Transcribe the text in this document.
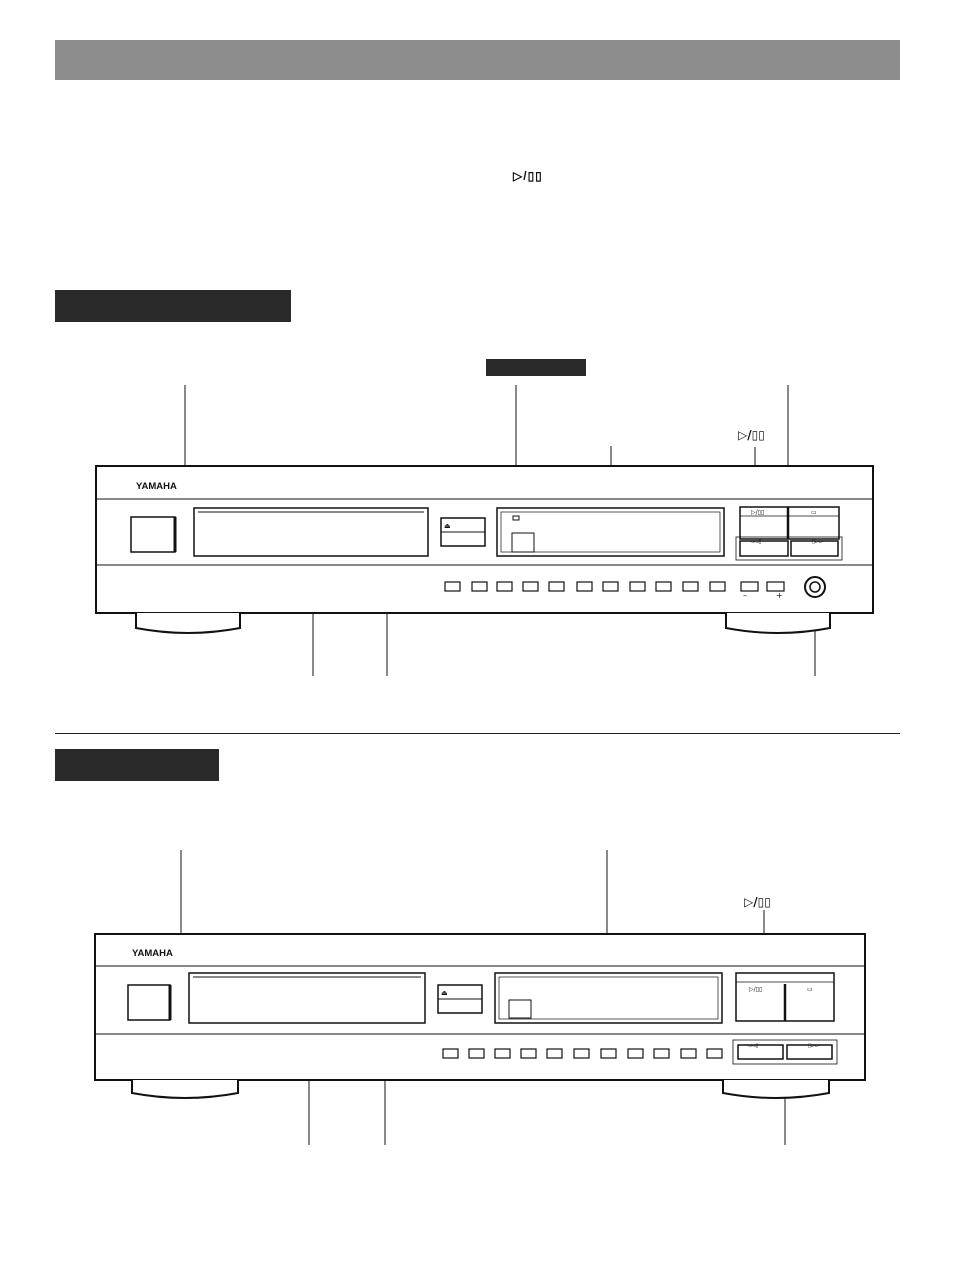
▷/▯▯
▷/▯▯
YAMAHA
⏏
▷/▯▯	▭
◅◅▯	▯▻▻
–	+
▷/▯▯
YAMAHA
⏏	▷/▯▯	▭
◅◅▯	▯▻▻
